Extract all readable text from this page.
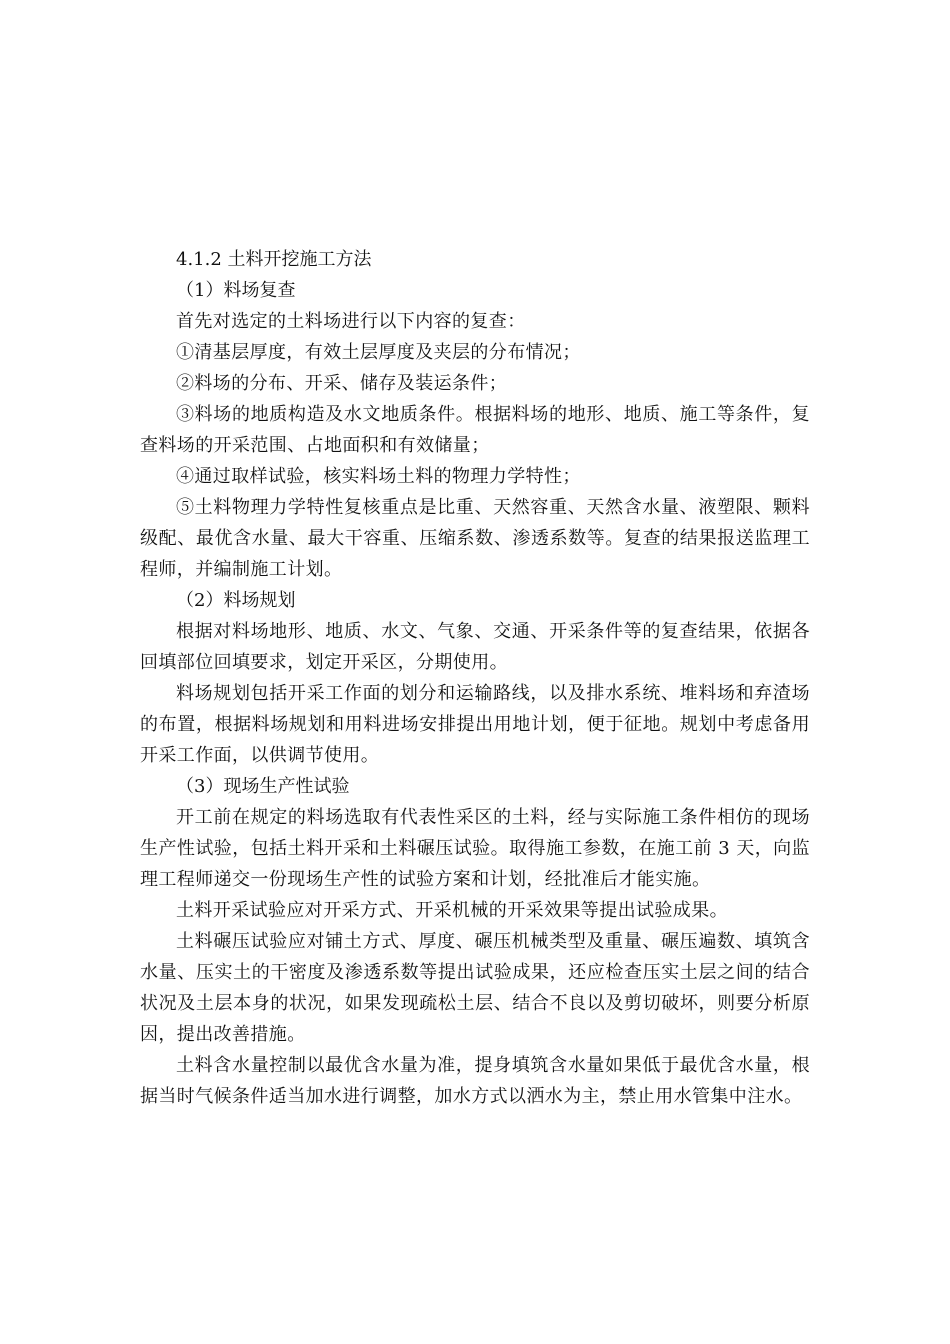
4.1.2 土料开挖施工方法

（1）料场复查

首先对选定的土料场进行以下内容的复查：

①清基层厚度，有效土层厚度及夹层的分布情况；

②料场的分布、开采、储存及装运条件；

③料场的地质构造及水文地质条件。根据料场的地形、地质、施工等条件，复查料场的开采范围、占地面积和有效储量；

④通过取样试验，核实料场土料的物理力学特性；

⑤土料物理力学特性复核重点是比重、天然容重、天然含水量、液塑限、颗料级配、最优含水量、最大干容重、压缩系数、渗透系数等。复查的结果报送监理工程师，并编制施工计划。

（2）料场规划

根据对料场地形、地质、水文、气象、交通、开采条件等的复查结果，依据各回填部位回填要求，划定开采区，分期使用。

料场规划包括开采工作面的划分和运输路线，以及排水系统、堆料场和弃渣场的布置，根据料场规划和用料进场安排提出用地计划，便于征地。规划中考虑备用开采工作面，以供调节使用。

（3）现场生产性试验

开工前在规定的料场选取有代表性采区的土料，经与实际施工条件相仿的现场生产性试验，包括土料开采和土料碾压试验。取得施工参数，在施工前 3 天，向监理工程师递交一份现场生产性的试验方案和计划，经批准后才能实施。

土料开采试验应对开采方式、开采机械的开采效果等提出试验成果。

土料碾压试验应对铺土方式、厚度、碾压机械类型及重量、碾压遍数、填筑含水量、压实土的干密度及渗透系数等提出试验成果，还应检查压实土层之间的结合状况及土层本身的状况，如果发现疏松土层、结合不良以及剪切破坏，则要分析原因，提出改善措施。

土料含水量控制以最优含水量为准，提身填筑含水量如果低于最优含水量，根据当时气候条件适当加水进行调整，加水方式以洒水为主，禁止用水管集中注水。
